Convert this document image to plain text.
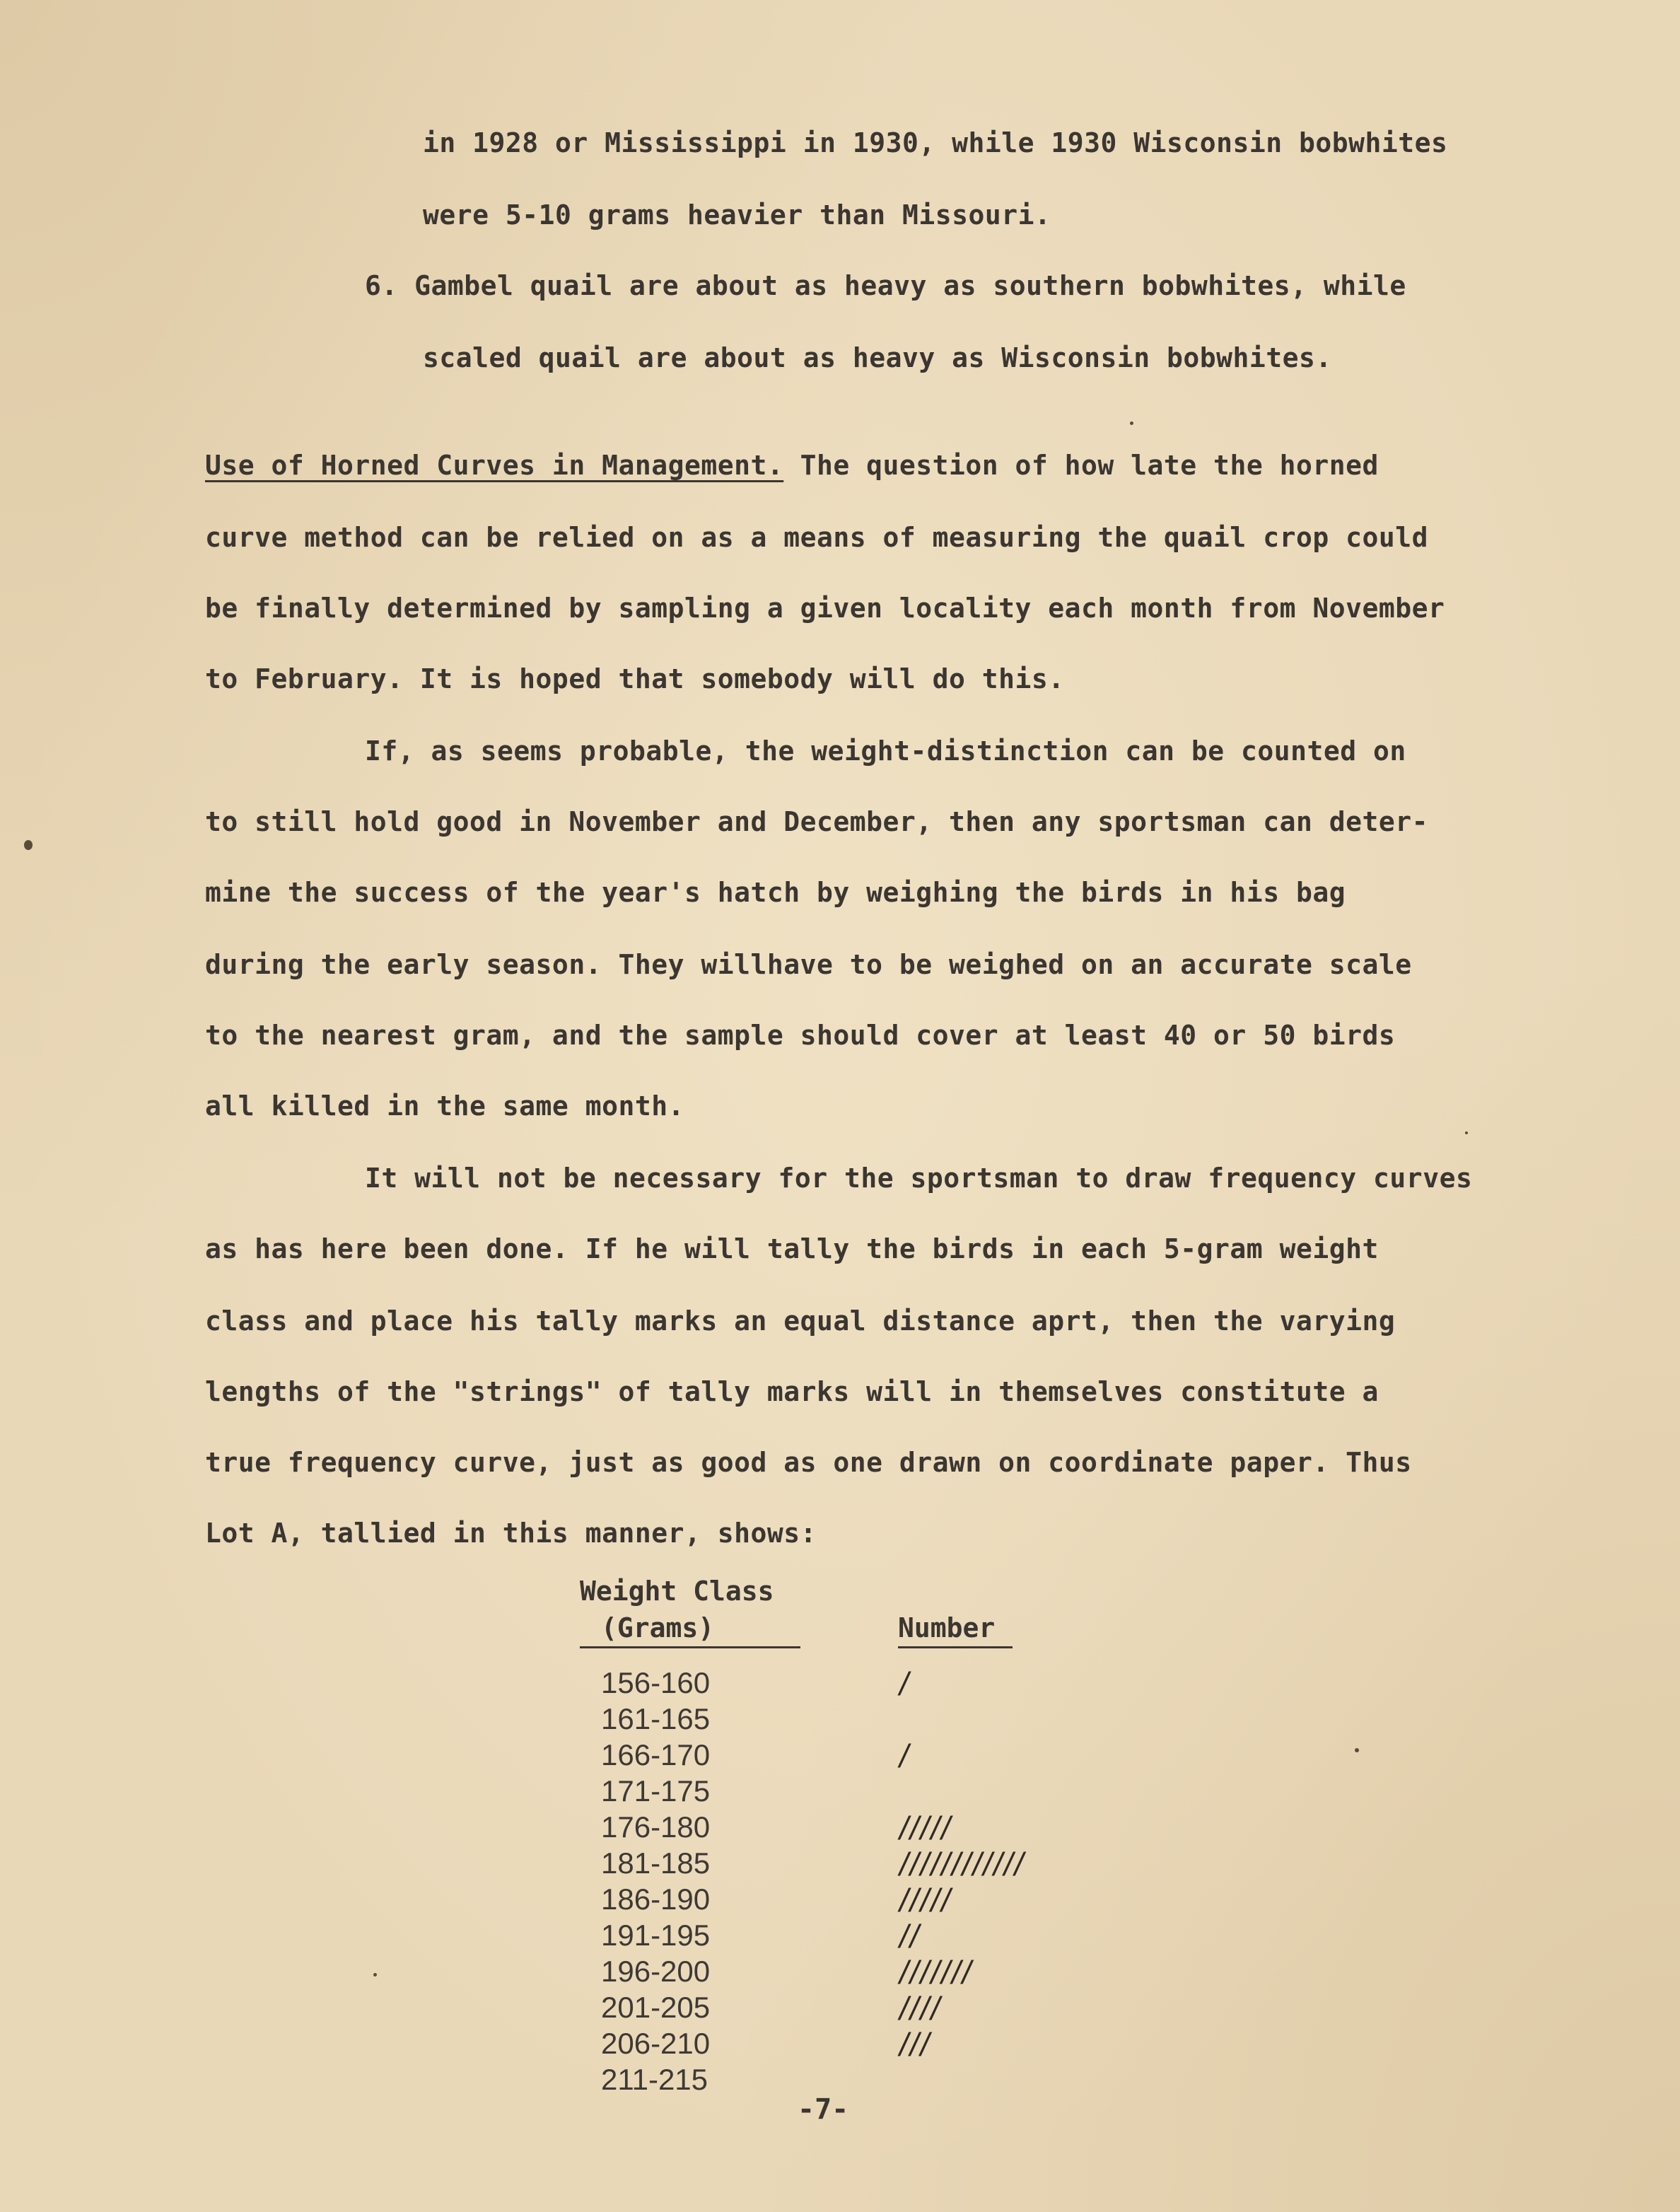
in 1928 or Mississippi in 1930, while 1930 Wisconsin bobwhites
were 5-10 grams heavier than Missouri.
6. Gambel quail are about as heavy as southern bobwhites, while
scaled quail are about as heavy as Wisconsin bobwhites.
Use of Horned Curves in Management. The question of how late the horned
curve method can be relied on as a means of measuring the quail crop could
be finally determined by sampling a given locality each month from November
to February. It is hoped that somebody will do this.
If, as seems probable, the weight-distinction can be counted on
to still hold good in November and December, then any sportsman can deter-
mine the success of the year's hatch by weighing the birds in his bag
during the early season. They willhave to be weighed on an accurate scale
to the nearest gram, and the sample should cover at least 40 or 50 birds
all killed in the same month.
It will not be necessary for the sportsman to draw frequency curves
as has here been done. If he will tally the birds in each 5-gram weight
class and place his tally marks an equal distance aprt, then the varying
lengths of the "strings" of tally marks will in themselves constitute a
true frequency curve, just as good as one drawn on coordinate paper. Thus
Lot A, tallied in this manner, shows:
Weight Class
(Grams)	Number
156-160	/
161-165
166-170	/
171-175
176-180	/////
181-185	////////////
186-190	/////
191-195	//
196-200	///////
201-205	////
206-210	///
211-215
-7-
